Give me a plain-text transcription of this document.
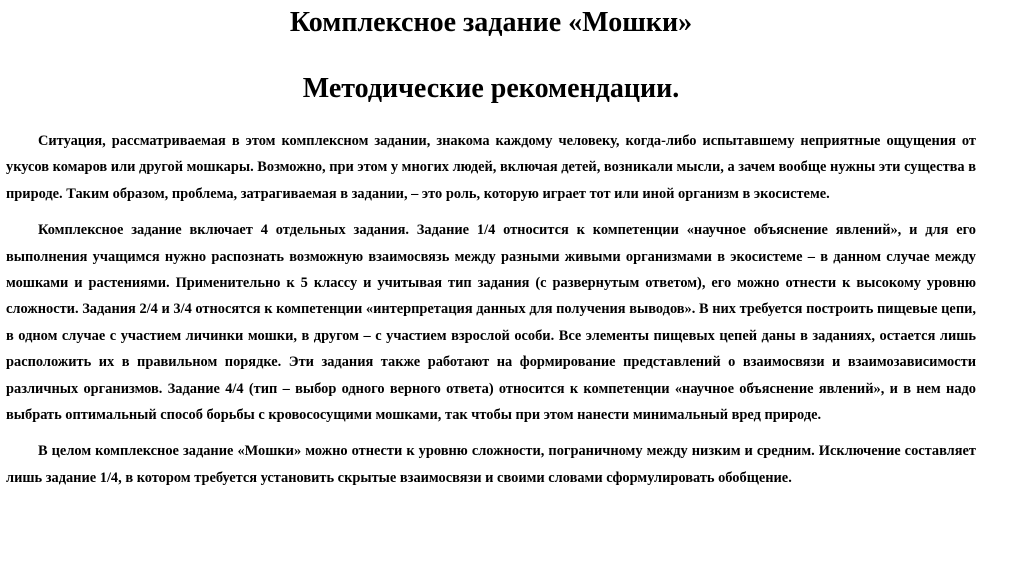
Комплексное задание «Мошки»
Методические рекомендации.

Ситуация, рассматриваемая в этом комплексном задании, знакома каждому человеку, когда-либо испытавшему неприятные ощущения от укусов комаров или другой мошкары. Возможно, при этом у многих людей, включая детей, возникали мысли, а зачем вообще нужны эти существа в природе. Таким образом, проблема, затрагиваемая в задании, – это роль, которую играет тот или иной организм в экосистеме.

Комплексное задание включает 4 отдельных задания. Задание 1/4 относится к компетенции «научное объяснение явлений», и для его выполнения учащимся нужно распознать возможную взаимосвязь между разными живыми организмами в экосистеме – в данном случае между мошками и растениями. Применительно к 5 классу и учитывая тип задания (с развернутым ответом), его можно отнести к высокому уровню сложности. Задания 2/4 и 3/4 относятся к компетенции «интерпретация данных для получения выводов». В них требуется построить пищевые цепи, в одном случае с участием личинки мошки, в другом – с участием взрослой особи. Все элементы пищевых цепей даны в заданиях, остается лишь расположить их в правильном порядке. Эти задания также работают на формирование представлений о взаимосвязи и взаимозависимости различных организмов. Задание 4/4 (тип – выбор одного верного ответа) относится к компетенции «научное объяснение явлений», и в нем надо выбрать оптимальный способ борьбы с кровососущими мошками, так чтобы при этом нанести минимальный вред природе.

В целом комплексное задание «Мошки» можно отнести к уровню сложности, пограничному между низким и средним. Исключение составляет лишь задание 1/4, в котором требуется установить скрытые взаимосвязи и своими словами сформулировать обобщение.
